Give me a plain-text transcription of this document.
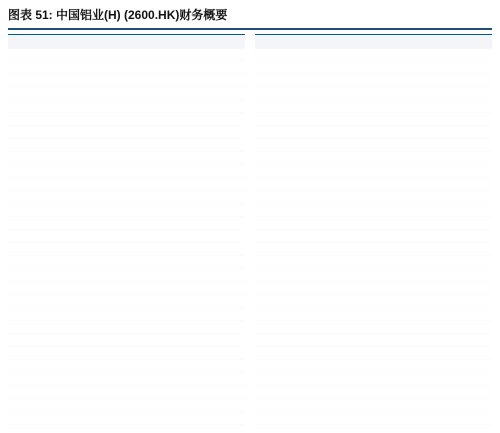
图表 51: 中国铝业(H) (2600.HK)财务概要
